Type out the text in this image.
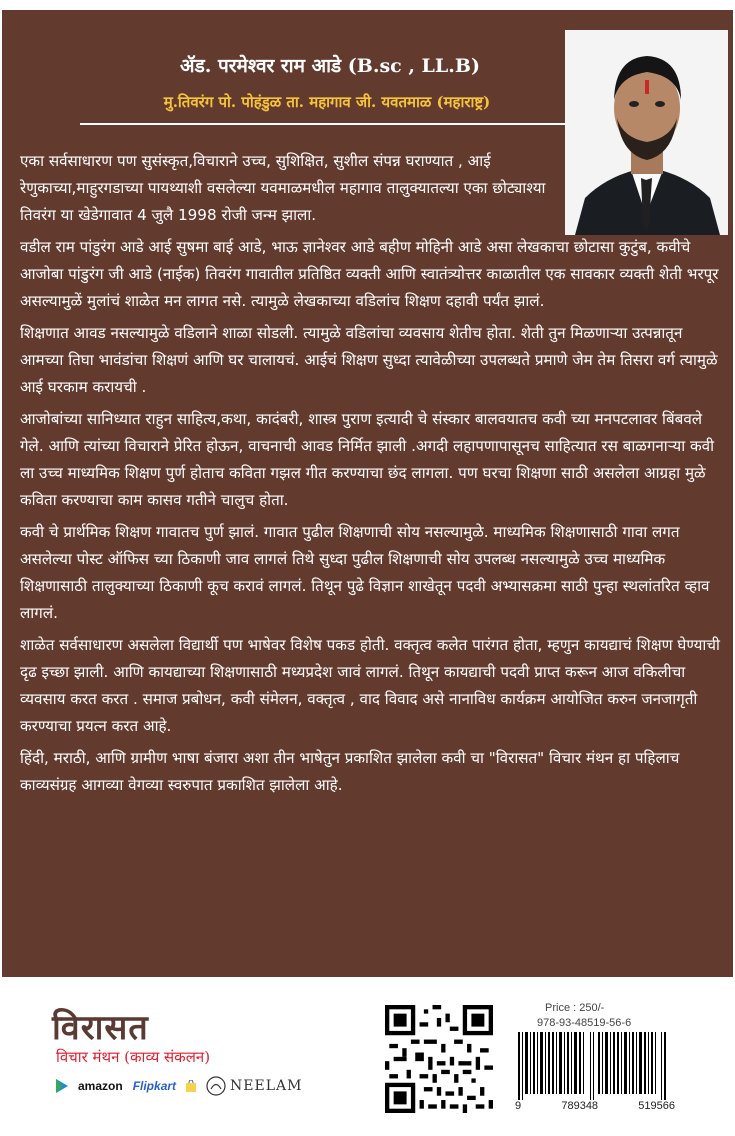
ॲड. परमेश्वर राम आडे (B.sc , LL.B)
मु.तिवरंग पो. पोहंडुळ ता. महागाव जी. यवतमाळ (महाराष्ट्र)

एका सर्वसाधारण पण सुसंस्कृत,विचाराने उच्च, सुशिक्षित, सुशील संपन्न घराण्यात , आई रेणुकाच्या,माहुरगडाच्या पायथ्याशी वसलेल्या यवमाळमधील महागाव तालुक्यातल्या एका छोट्याश्या तिवरंग या खेडेगावात 4 जुलै 1998 रोजी जन्म झाला.

वडील राम पांडुरंग आडे आई सुषमा बाई आडे, भाऊ ज्ञानेश्वर आडे बहीण मोहिनी आडे असा लेखकाचा छोटासा कुटुंब, कवीचे आजोबा पांडुरंग जी आडे (नाईक) तिवरंग गावातील प्रतिष्ठित व्यक्ती आणि स्वातंत्र्योत्तर काळातील एक सावकार व्यक्ती शेती भरपूर असल्यामुळें मुलांचं शाळेत मन लागत नसे. त्यामुळे लेखकाच्या वडिलांच शिक्षण दहावी पर्यंत झालं.

शिक्षणात आवड नसल्यामुळे वडिलाने शाळा सोडली. त्यामुळे वडिलांचा व्यवसाय शेतीच होता. शेती तुन मिळणाऱ्या उत्पन्नातून आमच्या तिघा भावंडांचा शिक्षणं आणि घर चालायचं. आईचं शिक्षण सुध्दा त्यावेळीच्या उपलब्धते प्रमाणे जेम तेम तिसरा वर्ग त्यामुळे आई घरकाम करायची .

आजोबांच्या सानिध्यात राहुन साहित्य,कथा, कादंबरी, शास्त्र पुराण इत्यादी चे संस्कार बालवयातच कवी च्या मनपटलावर बिंबवले गेले. आणि त्यांच्या विचाराने प्रेरित होऊन, वाचनाची आवड निर्मित झाली .अगदी लहापणापासूनच साहित्यात रस बाळगनाऱ्या कवी ला उच्च माध्यमिक शिक्षण पुर्ण होताच कविता गझल गीत करण्याचा छंद लागला. पण घरचा शिक्षणा साठी असलेला आग्रहा मुळे कविता करण्याचा काम कासव गतीने चालुच होता.

कवी चे प्रार्थमिक शिक्षण गावातच पुर्ण झालं. गावात पुढील शिक्षणाची सोय नसल्यामुळे. माध्यमिक शिक्षणासाठी गावा लगत असलेल्या पोस्ट ऑफिस च्या ठिकाणी जाव लागलं तिथे सुध्दा पुढील शिक्षणाची सोय उपलब्ध नसल्यामुळे उच्च माध्यमिक शिक्षणासाठी तालुक्याच्या ठिकाणी कूच करावं लागलं. तिथून पुढे विज्ञान शाखेतून पदवी अभ्यासक्रमा साठी पुन्हा स्थलांतरित व्हाव लागलं.

शाळेत सर्वसाधारण असलेला विद्यार्थी पण भाषेवर विशेष पकड होती. वक्तृत्व कलेत पारंगत होता, म्हणुन कायद्याचं शिक्षण घेण्याची दृढ इच्छा झाली. आणि कायद्याच्या शिक्षणासाठी मध्यप्रदेश जावं लागलं. तिथून कायद्याची पदवी प्राप्त करून आज वकिलीचा व्यवसाय करत करत . समाज प्रबोधन, कवी संमेलन, वक्तृत्व , वाद विवाद असे नानाविध कार्यक्रम आयोजित करुन जनजागृती करण्याचा प्रयत्न करत आहे.

हिंदी, मराठी, आणि ग्रामीण भाषा बंजारा अशा तीन भाषेतुन प्रकाशित झालेला कवी चा "विरासत" विचार मंथन हा पहिलाच काव्यसंग्रह आगव्या वेगव्या स्वरुपात प्रकाशित झालेला आहे.

विरासत
विचार मंथन (काव्य संकलन)
amazon Flipkart	NEELAM
Price : 250/-
978-93-48519-56-6
9	789348	519566
